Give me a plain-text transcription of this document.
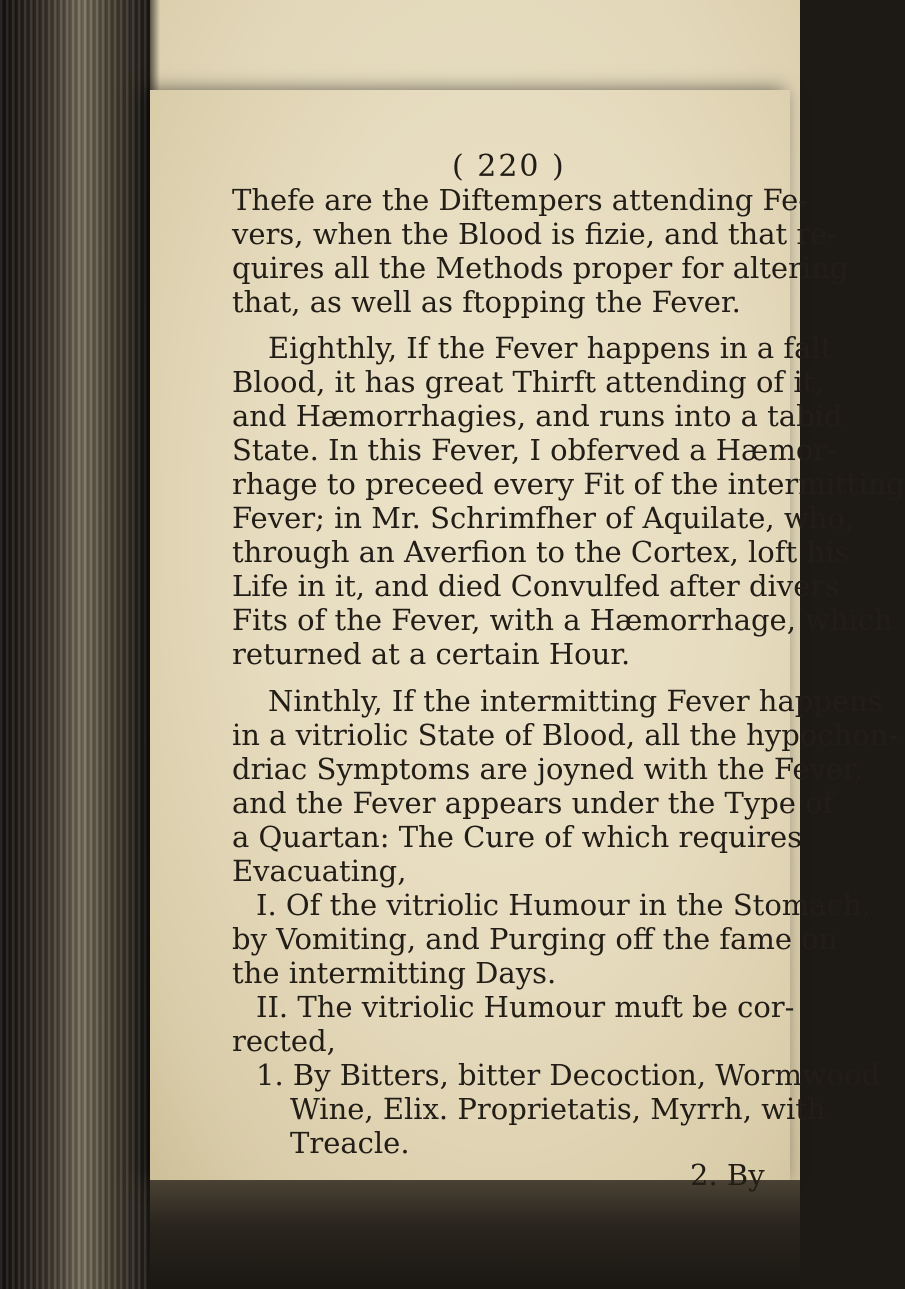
( 220 )
Thefe are the Diftempers attending Fe-
vers, when the Blood is fizie, and that re-
quires all the Methods proper for altering
that, as well as ftopping the Fever.
Eighthly, If the Fever happens in a falt
Blood, it has great Thirft attending of it,
and Hæmorrhagies, and runs into a tabid
State. In this Fever, I obferved a Hæmor-
rhage to preceed every Fit of the intermitting
Fever; in Mr. Schrimfher of Aquilate, who,
through an Averfion to the Cortex, loft his
Life in it, and died Convulfed after divers
Fits of the Fever, with a Hæmorrhage, which
returned at a certain Hour.
Ninthly, If the intermitting Fever happens
in a vitriolic State of Blood, all the hypochon-
driac Symptoms are joyned with the Fever,
and the Fever appears under the Type of
a Quartan: The Cure of which requires
Evacuating,
I. Of the vitriolic Humour in the Stomach,
by Vomiting, and Purging off the fame on
the intermitting Days.
II. The vitriolic Humour muft be cor-
rected,
1. By Bitters, bitter Decoction, Wormwood
Wine, Elix. Proprietatis, Myrrh, with
Treacle.
2. By
